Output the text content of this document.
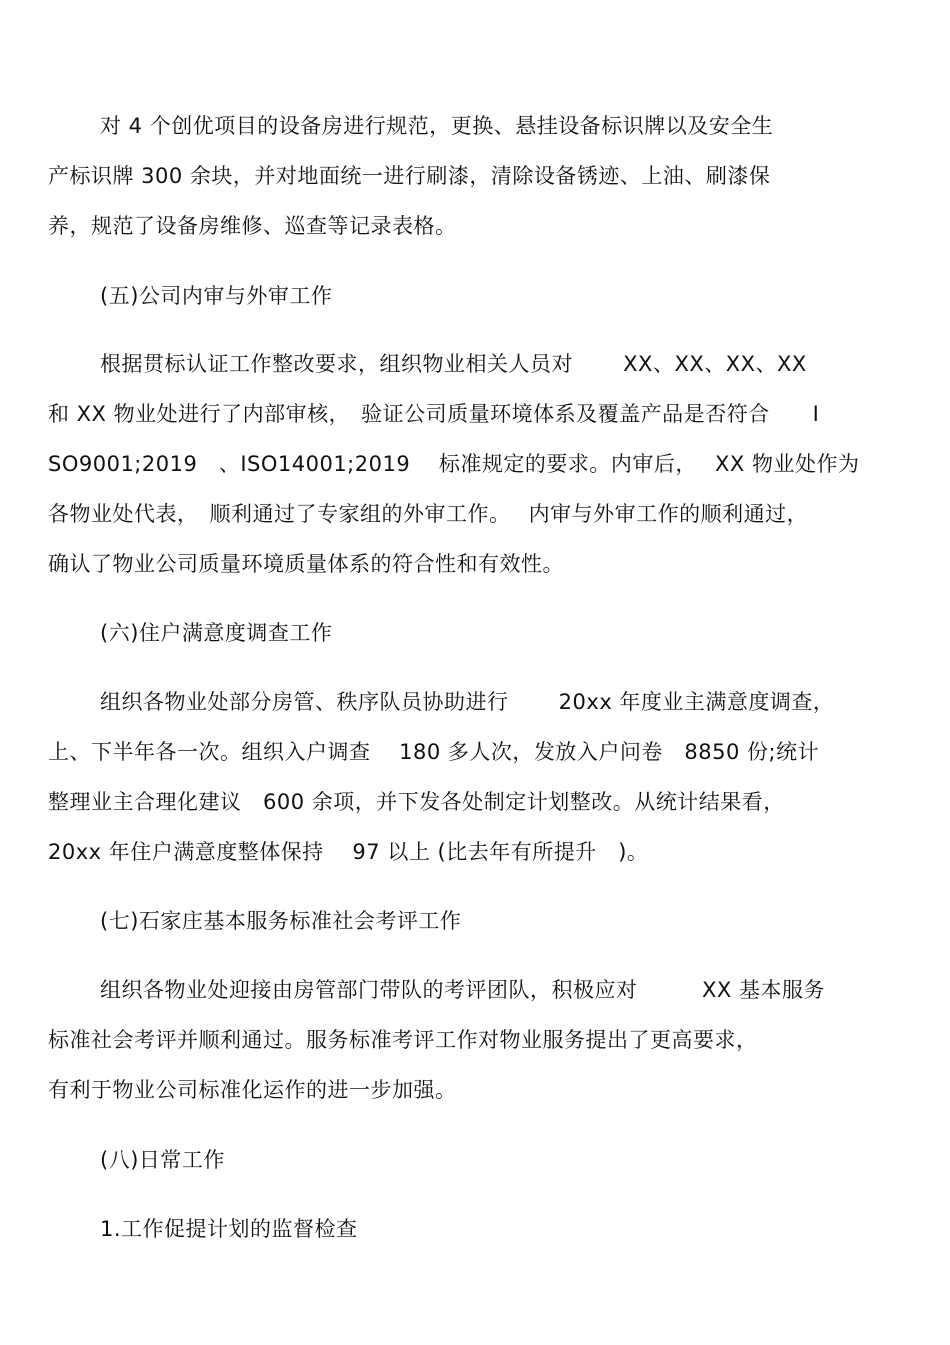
对 4 个创优项目的设备房进行规范，更换、悬挂设备标识牌以及安全生
产标识牌 300 余块，并对地面统一进行刷漆，清除设备锈迹、上油、刷漆保
养，规范了设备房维修、巡查等记录表格。
(五)公司内审与外审工作
根据贯标认证工作整改要求，组织物业相关人员对　　 XX、XX、XX、XX
和 XX 物业处进行了内部审核，　验证公司质量环境体系及覆盖产品是否符合　　I
SO9001;2019　、ISO14001;2019　 标准规定的要求。内审后，　 XX 物业处作为
各物业处代表，　顺利通过了专家组的外审工作。　 内审与外审工作的顺利通过，
确认了物业公司质量环境质量体系的符合性和有效性。
(六)住户满意度调查工作
组织各物业处部分房管、秩序队员协助进行　　 20xx 年度业主满意度调查，
上、下半年各一次。组织入户调查　 180 多人次，发放入户问卷　8850 份;统计
整理业主合理化建议　600 余项，并下发各处制定计划整改。从统计结果看，
20xx 年住户满意度整体保持　 97 以上 (比去年有所提升　)。
(七)石家庄基本服务标准社会考评工作
组织各物业处迎接由房管部门带队的考评团队，积极应对　　　XX 基本服务
标准社会考评并顺利通过。服务标准考评工作对物业服务提出了更高要求，
有利于物业公司标准化运作的进一步加强。
(八)日常工作
1.工作促提计划的监督检查
